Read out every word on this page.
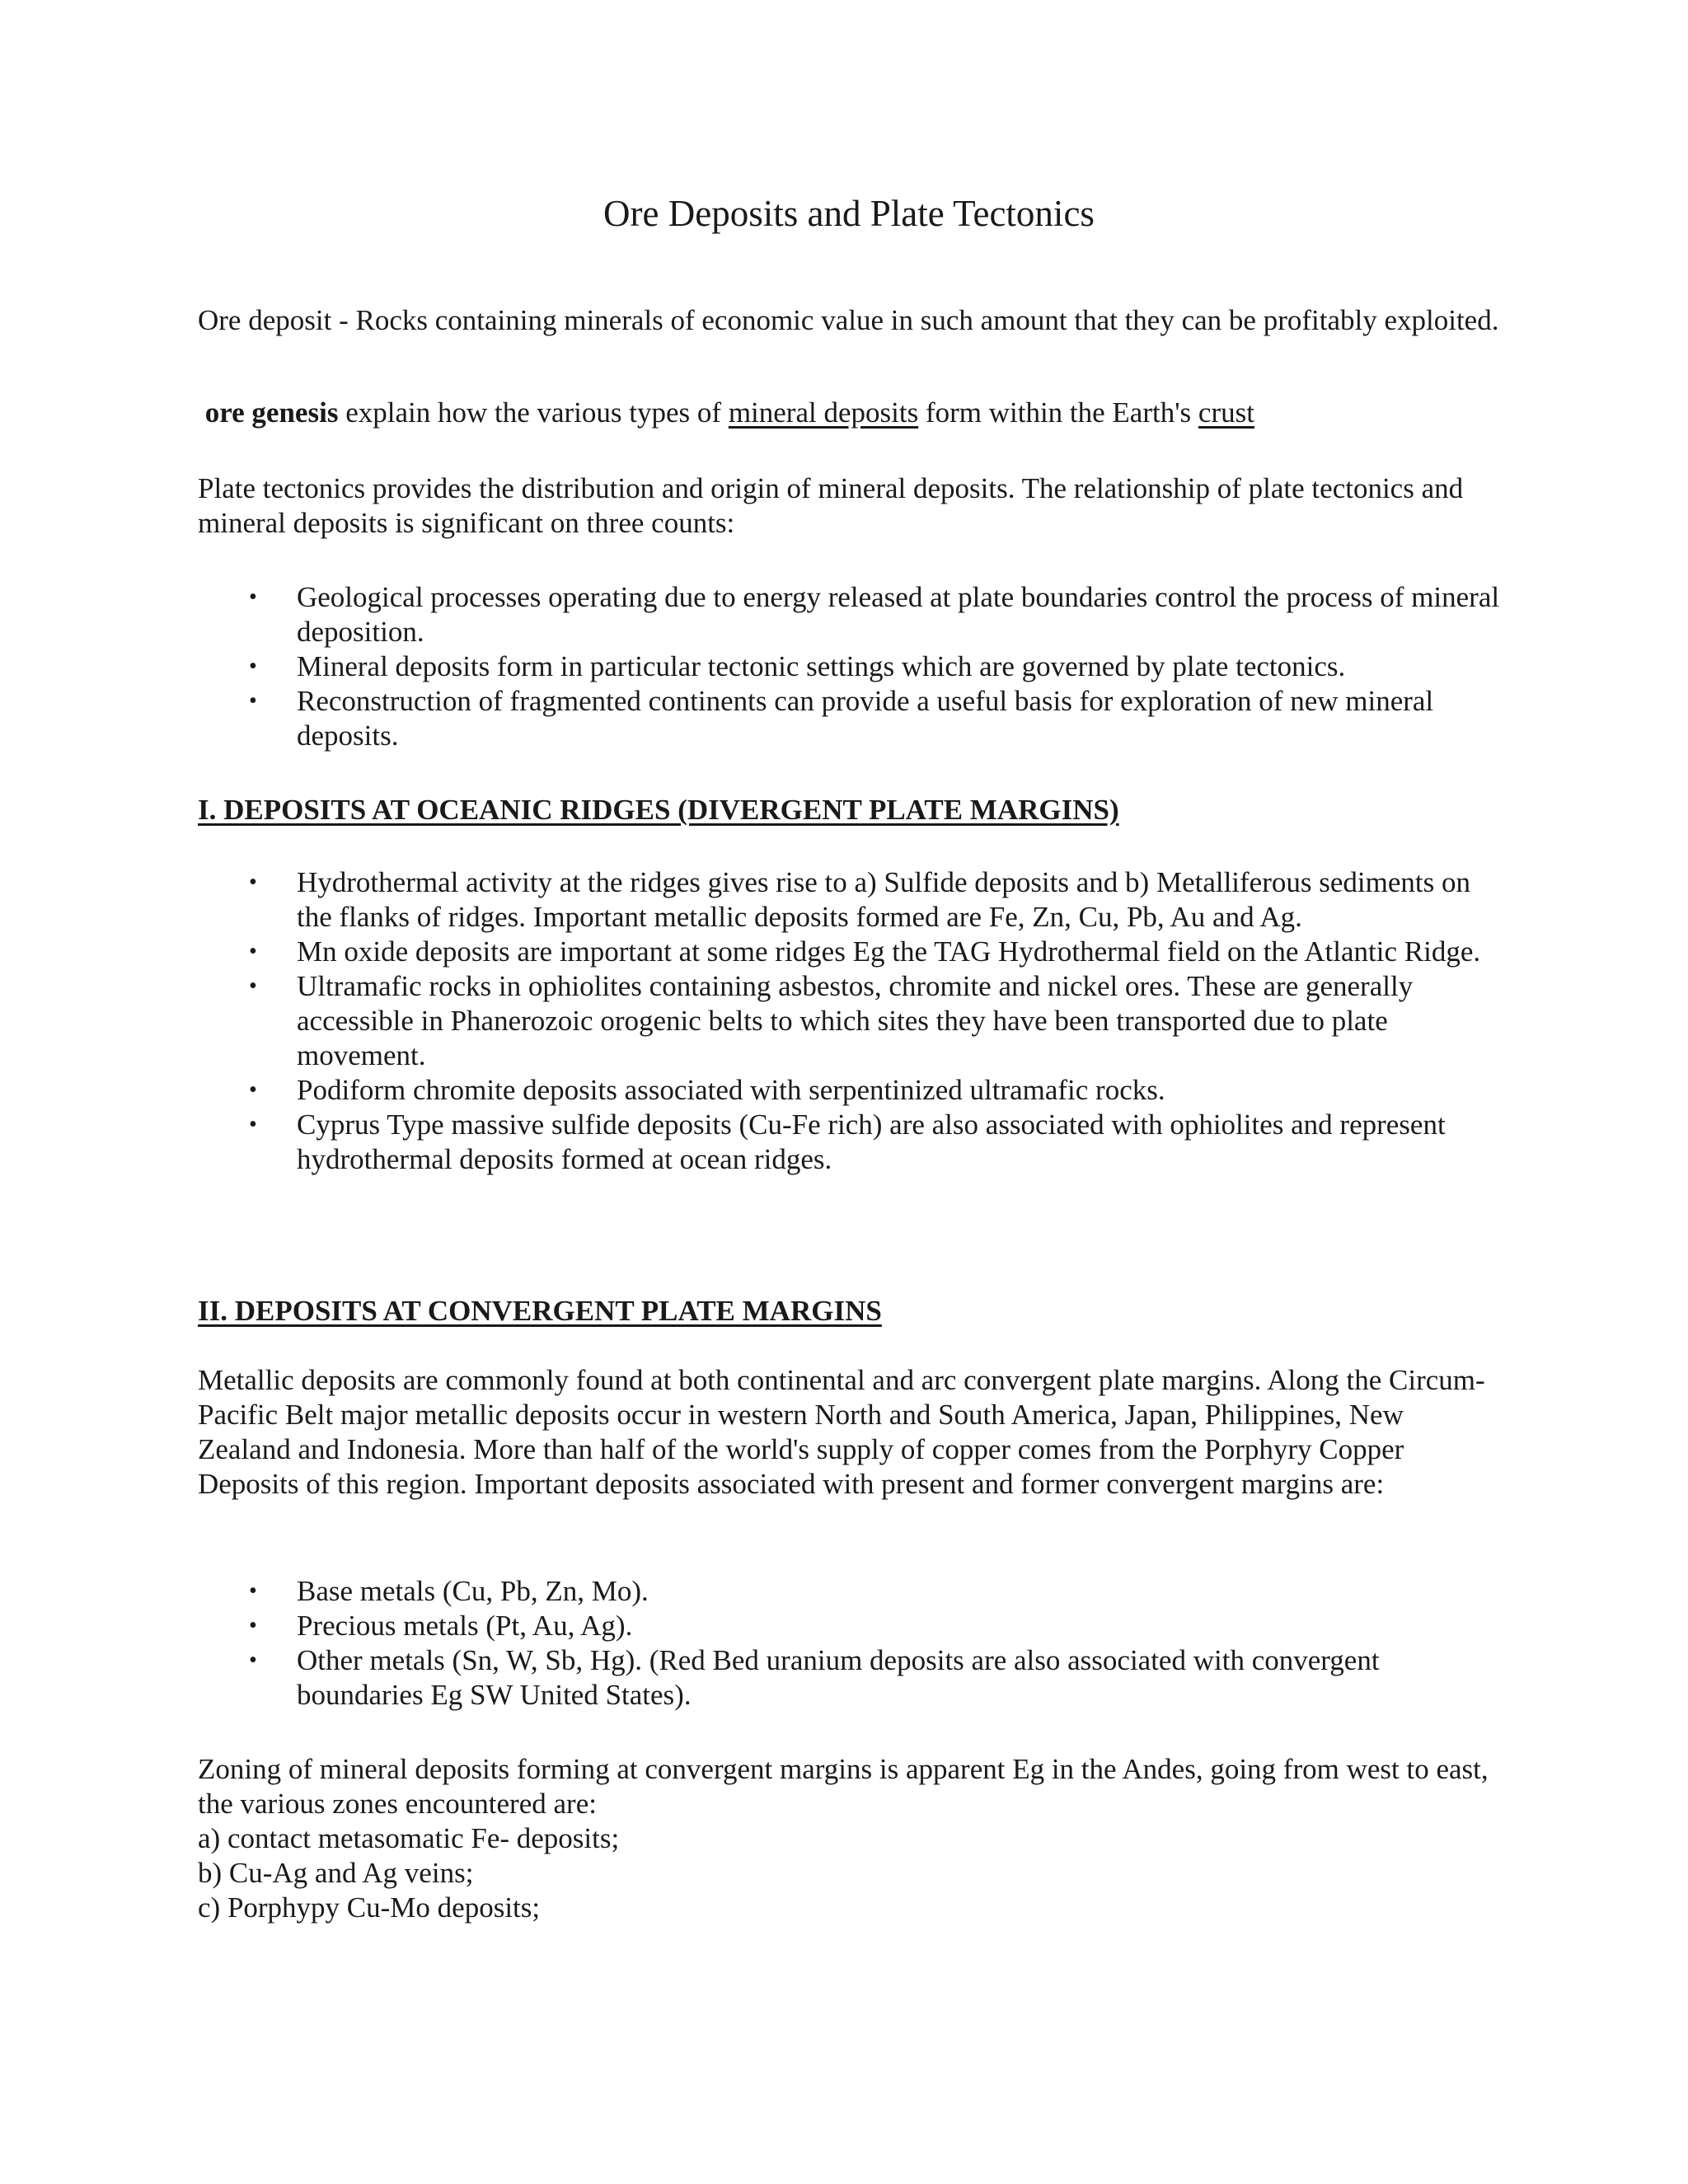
Ore Deposits and Plate Tectonics

Ore deposit - Rocks containing minerals of economic value in such amount that they can be profitably exploited.

ore genesis explain how the various types of mineral deposits form within the Earth's crust

Plate tectonics provides the distribution and origin of mineral deposits. The relationship of plate tectonics and mineral deposits is significant on three counts:

• Geological processes operating due to energy released at plate boundaries control the process of mineral deposition.
• Mineral deposits form in particular tectonic settings which are governed by plate tectonics.
• Reconstruction of fragmented continents can provide a useful basis for exploration of new mineral deposits.

I. DEPOSITS AT OCEANIC RIDGES (DIVERGENT PLATE MARGINS)

• Hydrothermal activity at the ridges gives rise to a) Sulfide deposits and b) Metalliferous sediments on the flanks of ridges. Important metallic deposits formed are Fe, Zn, Cu, Pb, Au and Ag.
• Mn oxide deposits are important at some ridges Eg the TAG Hydrothermal field on the Atlantic Ridge.
• Ultramafic rocks in ophiolites containing asbestos, chromite and nickel ores. These are generally accessible in Phanerozoic orogenic belts to which sites they have been transported due to plate movement.
• Podiform chromite deposits associated with serpentinized ultramafic rocks.
• Cyprus Type massive sulfide deposits (Cu-Fe rich) are also associated with ophiolites and represent hydrothermal deposits formed at ocean ridges.

II. DEPOSITS AT CONVERGENT PLATE MARGINS

Metallic deposits are commonly found at both continental and arc convergent plate margins. Along the Circum-Pacific Belt major metallic deposits occur in western North and South America, Japan, Philippines, New Zealand and Indonesia. More than half of the world's supply of copper comes from the Porphyry Copper Deposits of this region. Important deposits associated with present and former convergent margins are:

• Base metals (Cu, Pb, Zn, Mo).
• Precious metals (Pt, Au, Ag).
• Other metals (Sn, W, Sb, Hg). (Red Bed uranium deposits are also associated with convergent boundaries Eg SW United States).

Zoning of mineral deposits forming at convergent margins is apparent Eg in the Andes, going from west to east, the various zones encountered are:

a) contact metasomatic Fe- deposits;

b) Cu-Ag and Ag veins;

c) Porphypy Cu-Mo deposits;
